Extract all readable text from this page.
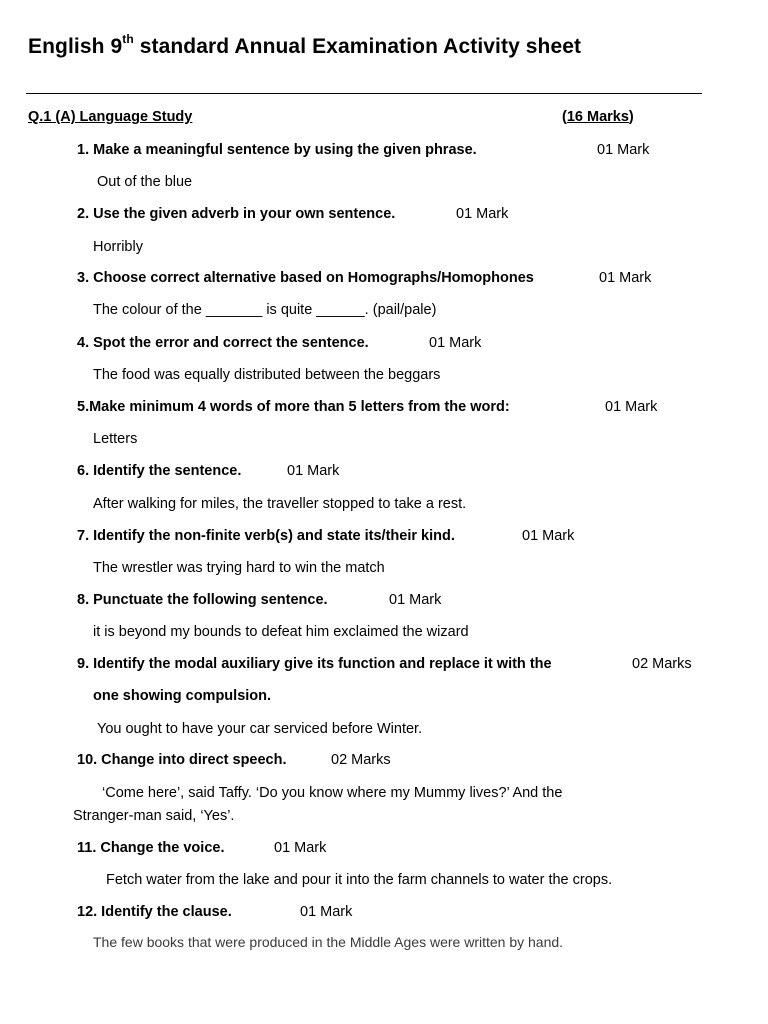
English 9th standard Annual Examination Activity sheet
Q.1 (A) Language Study	(16 Marks)
1. Make a meaningful sentence by using the given phrase.	01 Mark
Out of the blue
2. Use the given adverb in your own sentence.	01 Mark
Horribly
3. Choose correct alternative based on Homographs/Homophones	01 Mark
The colour of the _______ is quite ______. (pail/pale)
4. Spot the error and correct the sentence.	01 Mark
The food was equally distributed between the beggars
5.Make minimum 4 words of more than 5 letters from the word:	01 Mark
Letters
6. Identify the sentence.	01 Mark
After walking for miles, the traveller stopped to take a rest.
7. Identify the non-finite verb(s) and state its/their kind.	01 Mark
The wrestler was trying hard to win the match
8. Punctuate the following sentence.	01 Mark
it is beyond my bounds to defeat him exclaimed the wizard
9. Identify the modal auxiliary give its function and replace it with the	02 Marks
one showing compulsion.
You ought to have your car serviced before Winter.
10. Change into direct speech.	02 Marks
‘Come here’, said Taffy. ‘Do you know where my Mummy lives?’ And the
Stranger-man said, ‘Yes’.
11. Change the voice.	01 Mark
Fetch water from the lake and pour it into the farm channels to water the crops.
12. Identify the clause.	01 Mark
The few books that were produced in the Middle Ages were written by hand.
